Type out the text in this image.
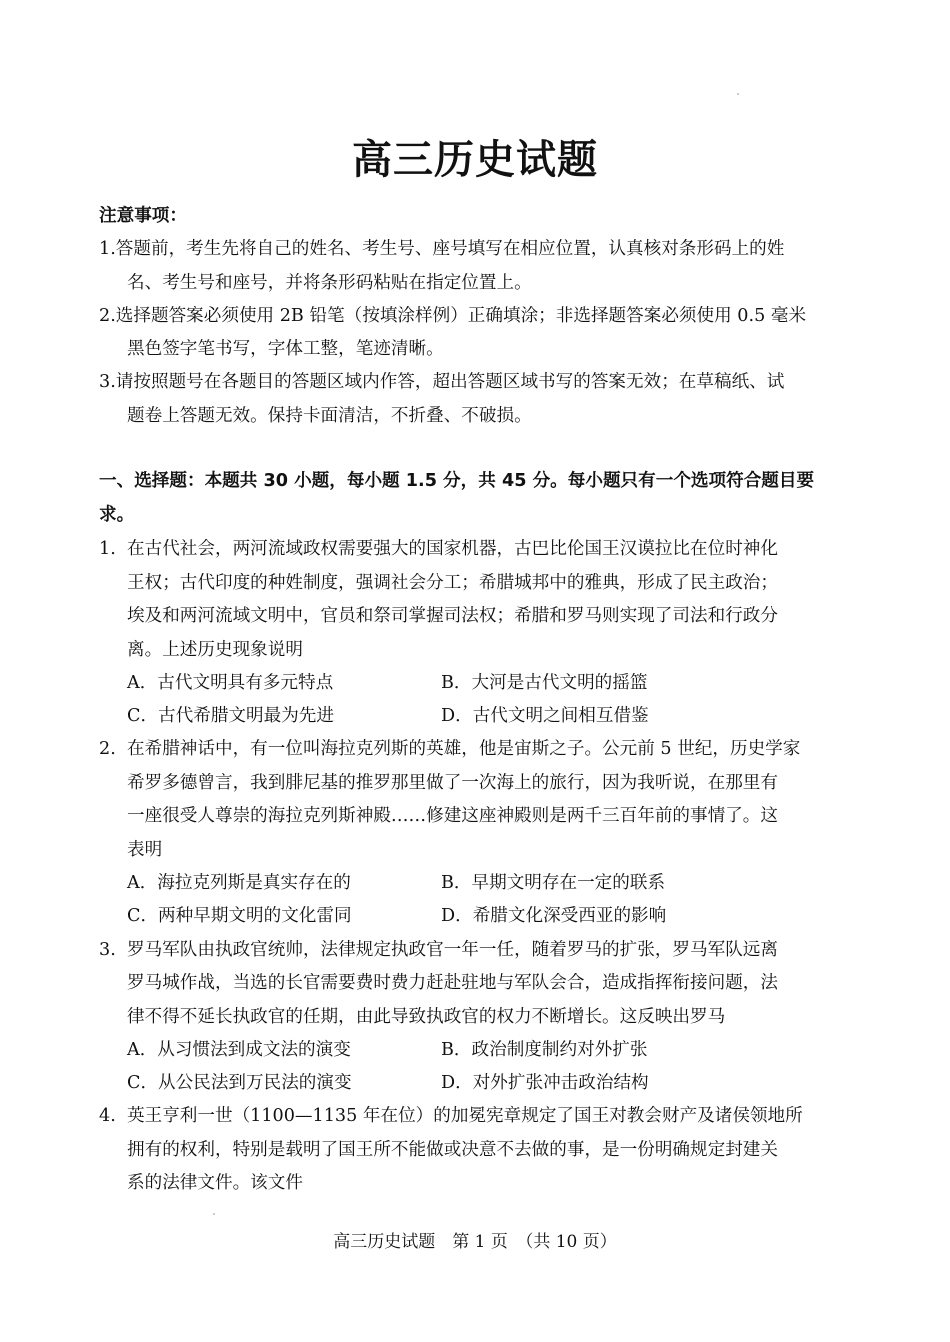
高三历史试题
注意事项：
1.答题前，考生先将自己的姓名、考生号、座号填写在相应位置，认真核对条形码上的姓
名、考生号和座号，并将条形码粘贴在指定位置上。
2.选择题答案必须使用 2B 铅笔（按填涂样例）正确填涂；非选择题答案必须使用 0.5 毫米
黑色签字笔书写，字体工整，笔迹清晰。
3.请按照题号在各题目的答题区域内作答，超出答题区域书写的答案无效；在草稿纸、试
题卷上答题无效。保持卡面清洁，不折叠、不破损。
一、选择题：本题共 30 小题，每小题 1.5 分，共 45 分。每小题只有一个选项符合题目要
求。
1. 在古代社会，两河流域政权需要强大的国家机器，古巴比伦国王汉谟拉比在位时神化
王权；古代印度的种姓制度，强调社会分工；希腊城邦中的雅典，形成了民主政治；
埃及和两河流域文明中，官员和祭司掌握司法权；希腊和罗马则实现了司法和行政分
离。上述历史现象说明
A．古代文明具有多元特点	B．大河是古代文明的摇篮
C．古代希腊文明最为先进	D．古代文明之间相互借鉴
2. 在希腊神话中，有一位叫海拉克列斯的英雄，他是宙斯之子。公元前 5 世纪，历史学家
希罗多德曾言，我到腓尼基的推罗那里做了一次海上的旅行，因为我听说，在那里有
一座很受人尊崇的海拉克列斯神殿……修建这座神殿则是两千三百年前的事情了。这
表明
A．海拉克列斯是真实存在的	B．早期文明存在一定的联系
C．两种早期文明的文化雷同	D．希腊文化深受西亚的影响
3. 罗马军队由执政官统帅，法律规定执政官一年一任，随着罗马的扩张，罗马军队远离
罗马城作战，当选的长官需要费时费力赶赴驻地与军队会合，造成指挥衔接问题，法
律不得不延长执政官的任期，由此导致执政官的权力不断增长。这反映出罗马
A．从习惯法到成文法的演变	B．政治制度制约对外扩张
C．从公民法到万民法的演变	D．对外扩张冲击政治结构
4. 英王亨利一世（1100—1135 年在位）的加冕宪章规定了国王对教会财产及诸侯领地所
拥有的权利，特别是载明了国王所不能做或决意不去做的事，是一份明确规定封建关
系的法律文件。该文件
高三历史试题　第 1 页　（共 10 页）
